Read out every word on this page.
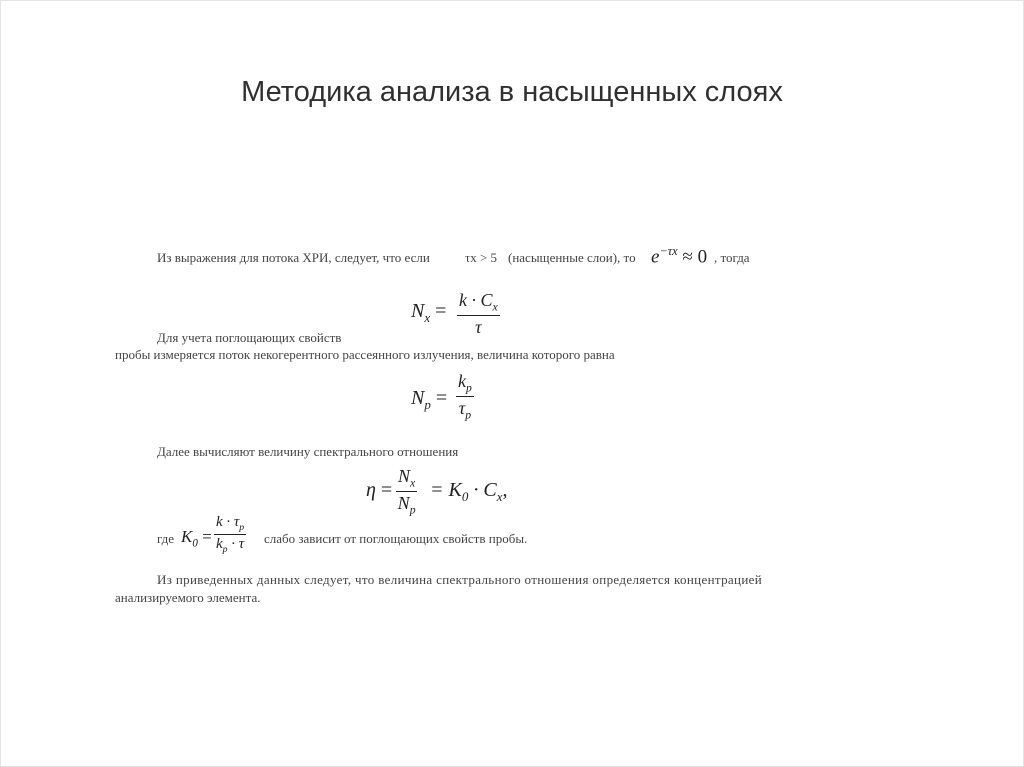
Методика анализа в насыщенных слоях
Из выражения для потока ХРИ, следует, что если	τx > 5 (насыщенные слои), то $e^{-\tau x} \approx 0$ , тогда
$N_x = \frac{k \cdot C_x}{\tau}$
Для учета поглощающих свойств
пробы измеряется поток некогерентного рассеянного излучения, величина которого равна
$N_p = \frac{k_p}{\tau_p}$
Далее вычисляют величину спектрального отношения
$\eta = \frac{N_x}{N_p} = K_0 \cdot C_x$,
где $K_0 = \frac{k \cdot \tau_p}{k_p \cdot \tau}$ слабо зависит от поглощающих свойств пробы.
Из приведенных данных следует, что величина спектрального отношения определяется концентрацией
анализируемого элемента.
